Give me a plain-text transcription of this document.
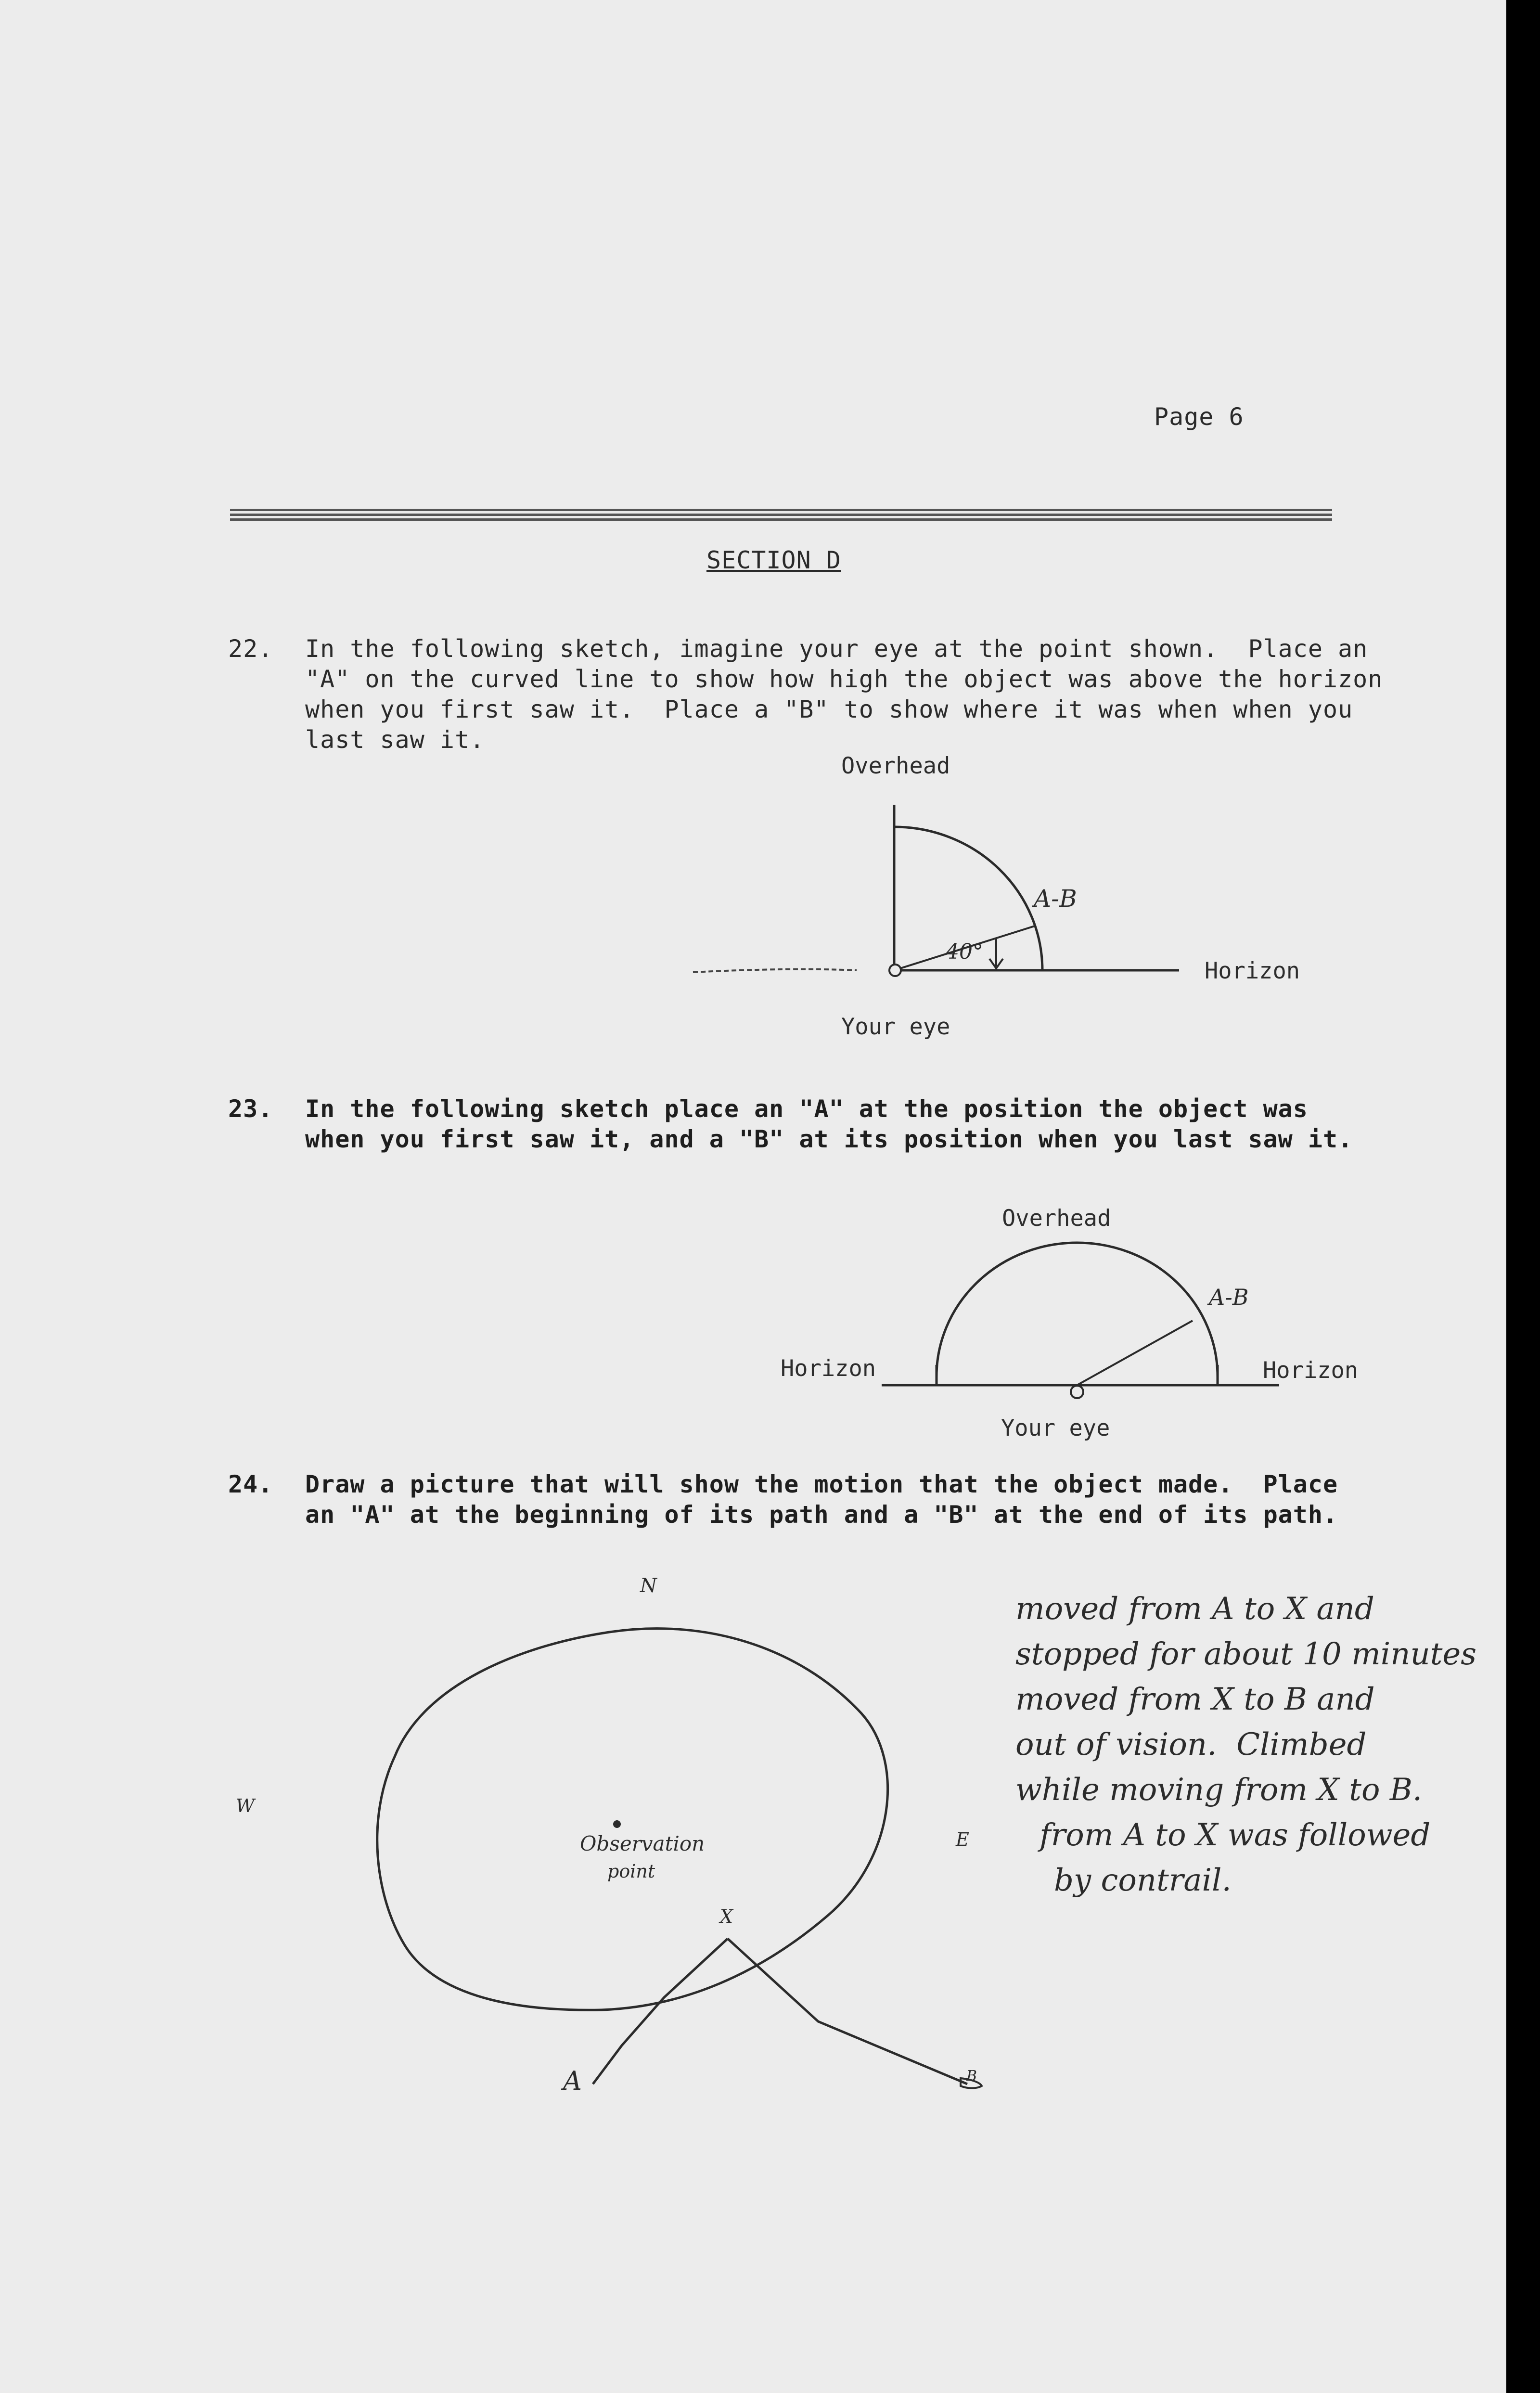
Page 6
SECTION D
22. In the following sketch, imagine your eye at the point shown.  Place an
"A" on the curved line to show how high the object was above the horizon
when you first saw it.  Place a "B" to show where it was when when you
last saw it.
Overhead
A-B
40°
Horizon
Your eye
23. In the following sketch place an "A" at the position the object was
when you first saw it, and a "B" at its position when you last saw it.
Overhead
A-B
Horizon	Horizon
Your eye
24. Draw a picture that will show the motion that the object made.  Place
an "A" at the beginning of its path and a "B" at the end of its path.
N
W
E
Observation
point
X
A	B
moved from A to X and
stopped for about 10 minutes
moved from X to B and
out of vision.  Climbed
while moving from X to B.
from A to X was followed
by contrail.
